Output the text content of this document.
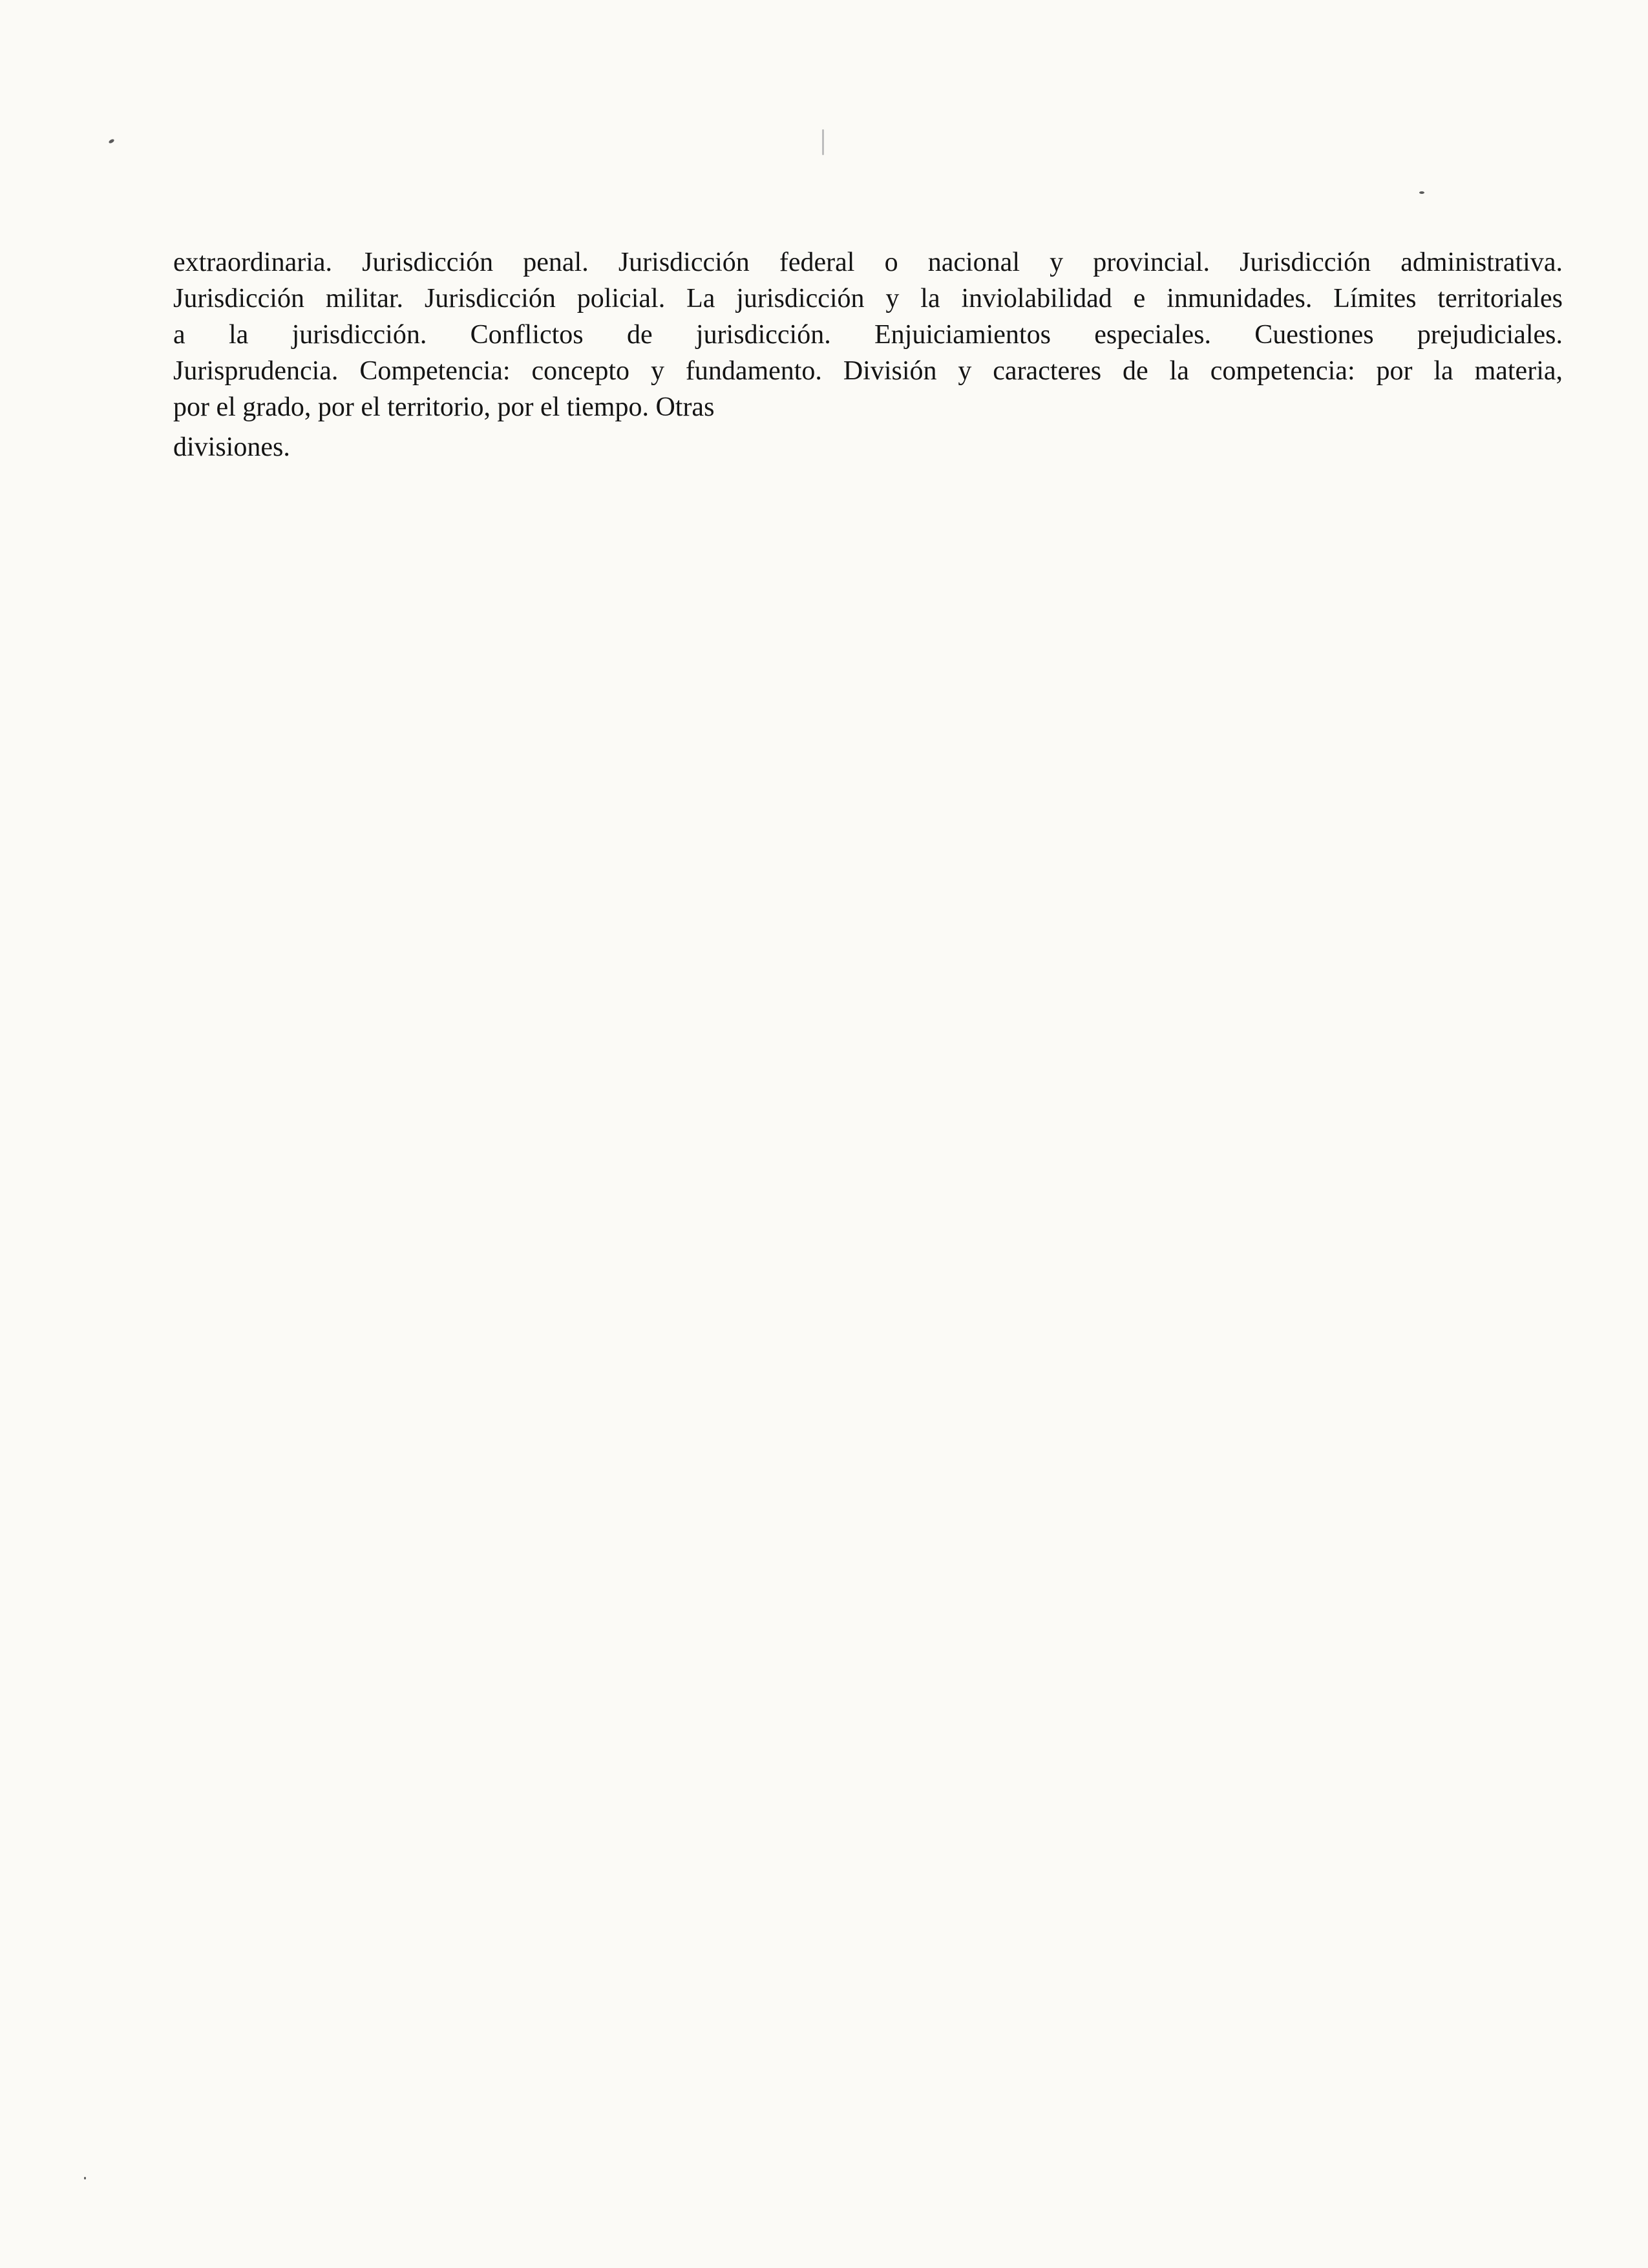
extraordinaria. Jurisdicción penal. Jurisdicción federal o nacional y provincial. Jurisdicción administrativa.
Jurisdicción militar. Jurisdicción policial. La jurisdicción y la inviolabilidad e inmunidades. Límites territoriales
a la jurisdicción. Conflictos de jurisdicción. Enjuiciamientos especiales. Cuestiones prejudiciales.
Jurisprudencia. Competencia: concepto y fundamento. División y caracteres de la competencia: por la materia,
por el grado, por el territorio, por el tiempo. Otras
divisiones.
